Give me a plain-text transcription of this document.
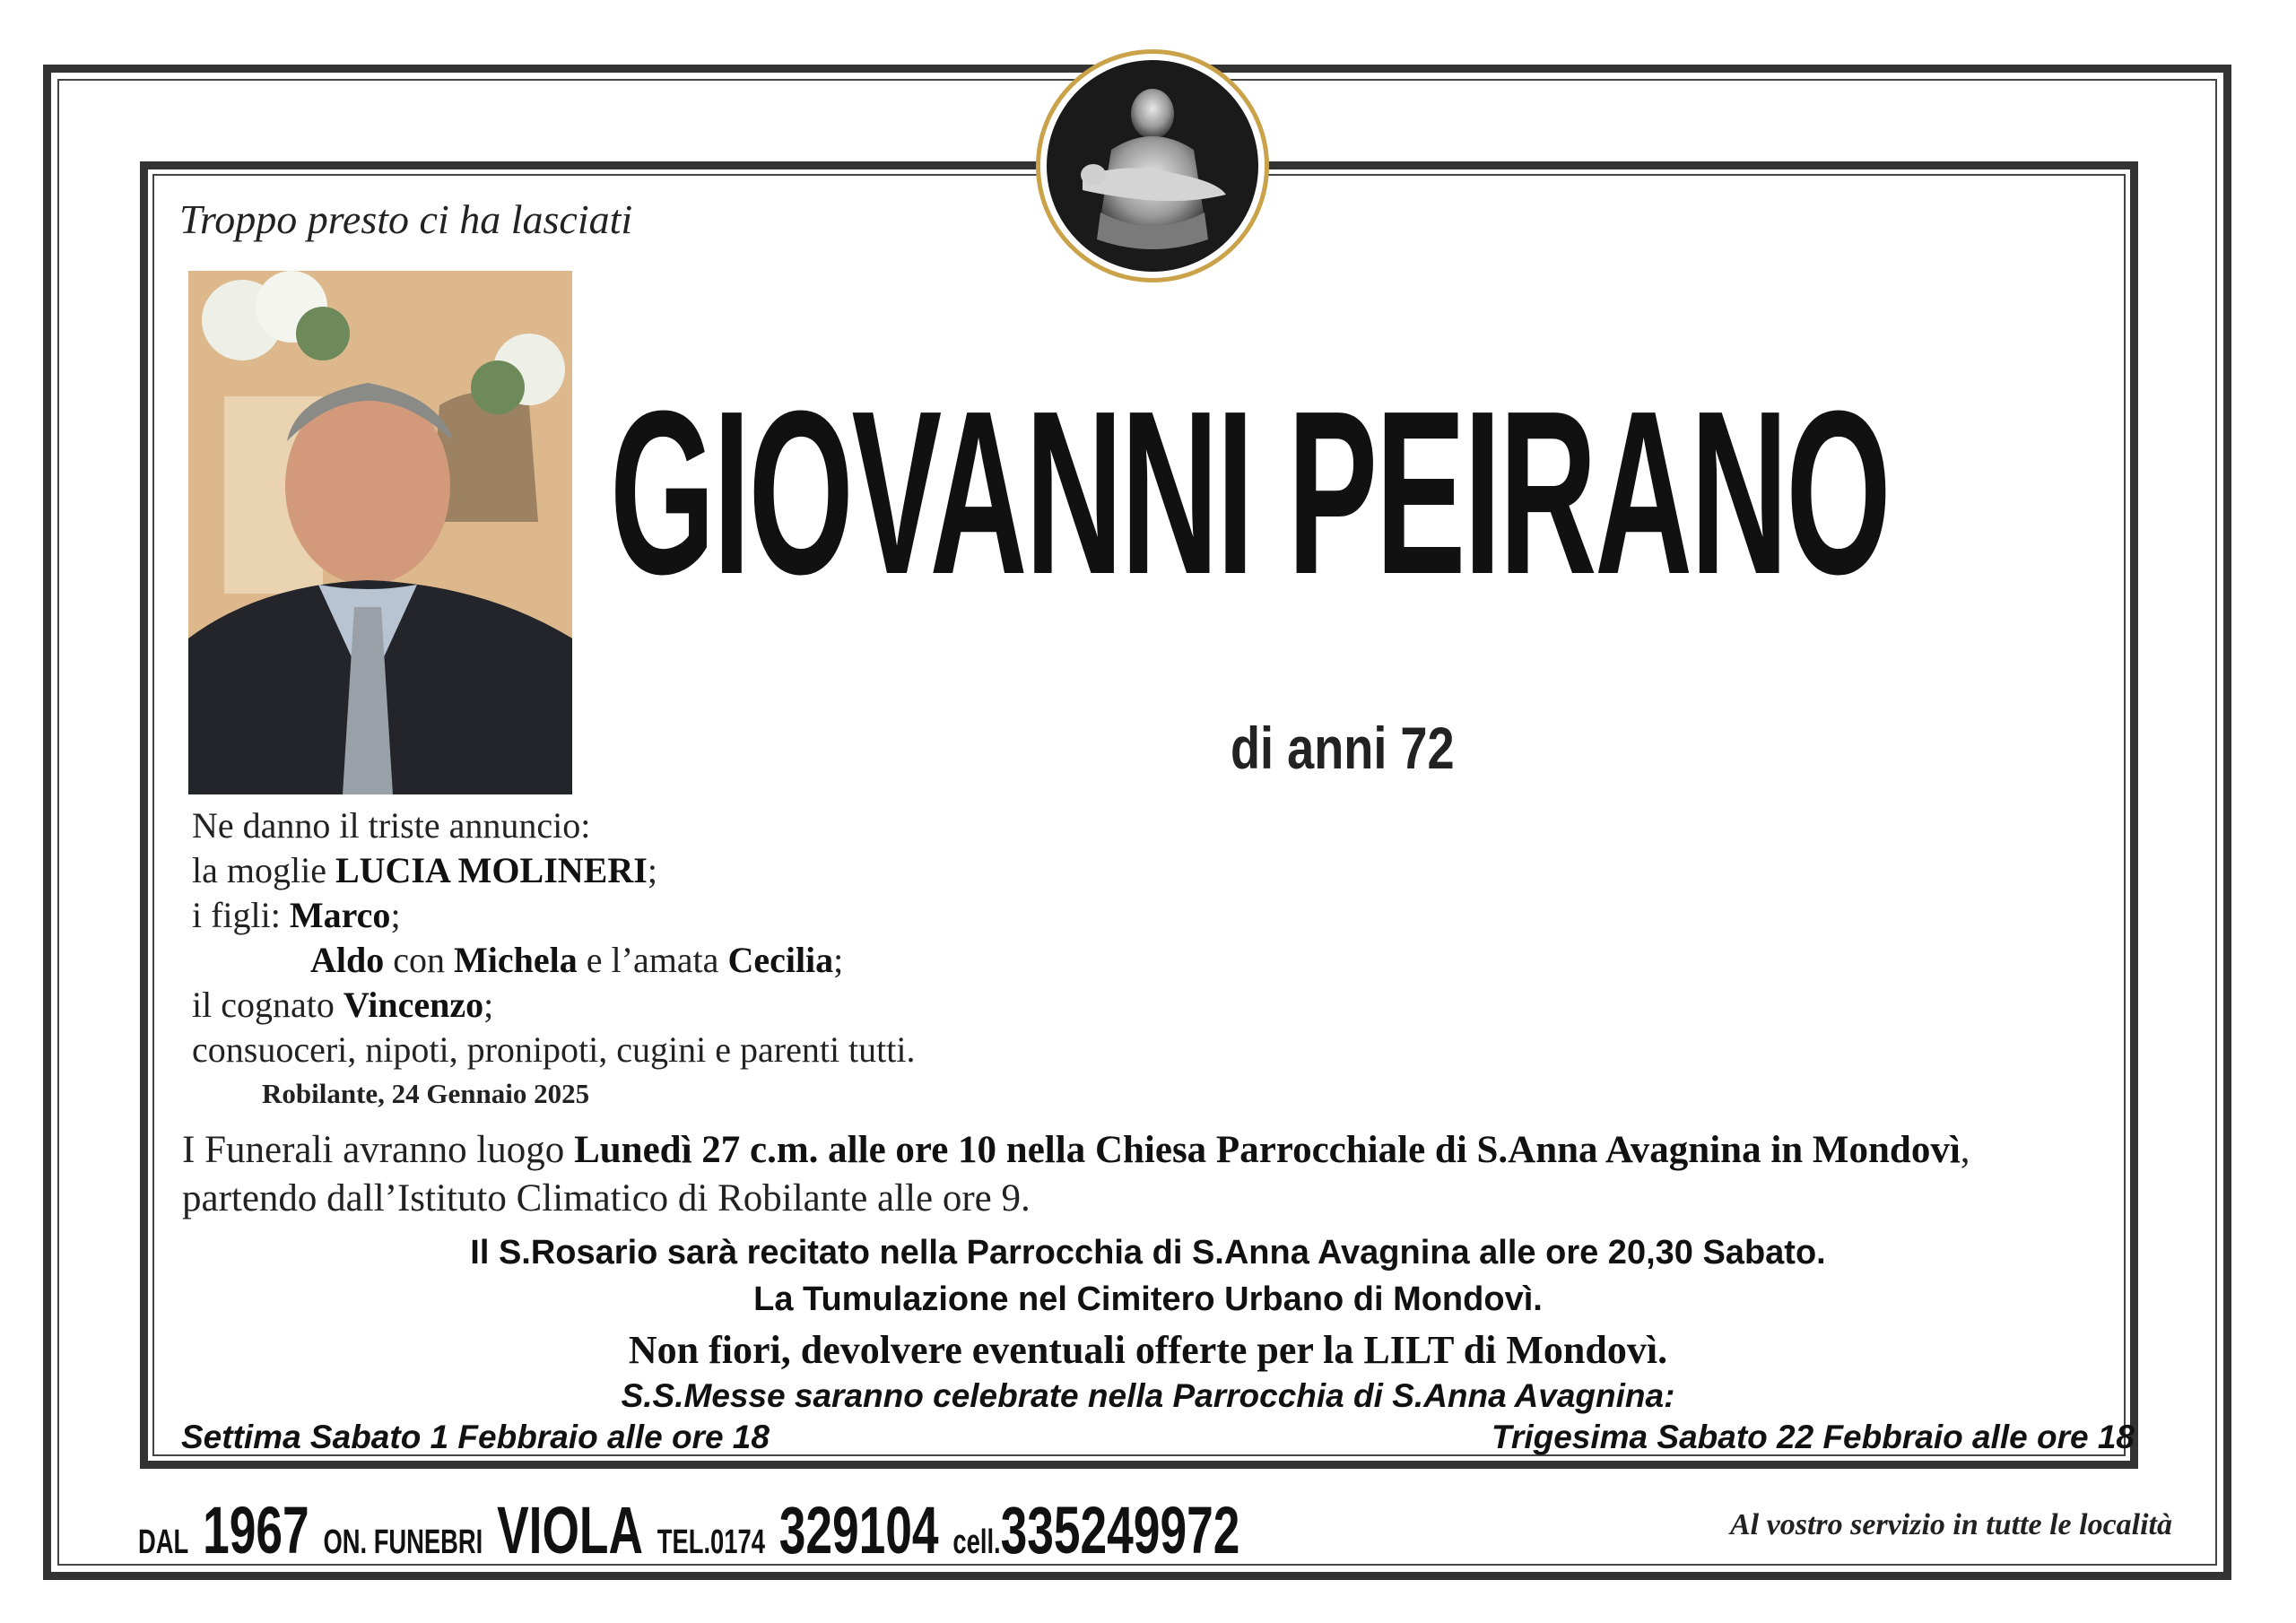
Troppo presto ci ha lasciati
GIOVANNI PEIRANO
di anni 72
Ne danno il triste annuncio:
la moglie LUCIA MOLINERI;
i figli: Marco;
Aldo con Michela e l’amata Cecilia;
il cognato Vincenzo;
consuoceri, nipoti, pronipoti, cugini e parenti tutti.
Robilante, 24 Gennaio 2025
I Funerali avranno luogo Lunedì 27 c.m. alle ore 10 nella Chiesa Parrocchiale di S.Anna Avagnina in Mondovì,
partendo dall’Istituto Climatico di Robilante alle ore 9.
Il S.Rosario sarà recitato nella Parrocchia di S.Anna Avagnina alle ore 20,30 Sabato.
La Tumulazione nel Cimitero Urbano di Mondovì.
Non fiori, devolvere eventuali offerte per la LILT di Mondovì.
S.S.Messe saranno celebrate nella Parrocchia di S.Anna Avagnina:
Settima Sabato 1 Febbraio alle ore 18	Trigesima Sabato 22 Febbraio alle ore 18
DAL 1967 ON. FUNEBRI VIOLA TEL.0174 329104 cell. 335249972	Al vostro servizio in tutte le località
